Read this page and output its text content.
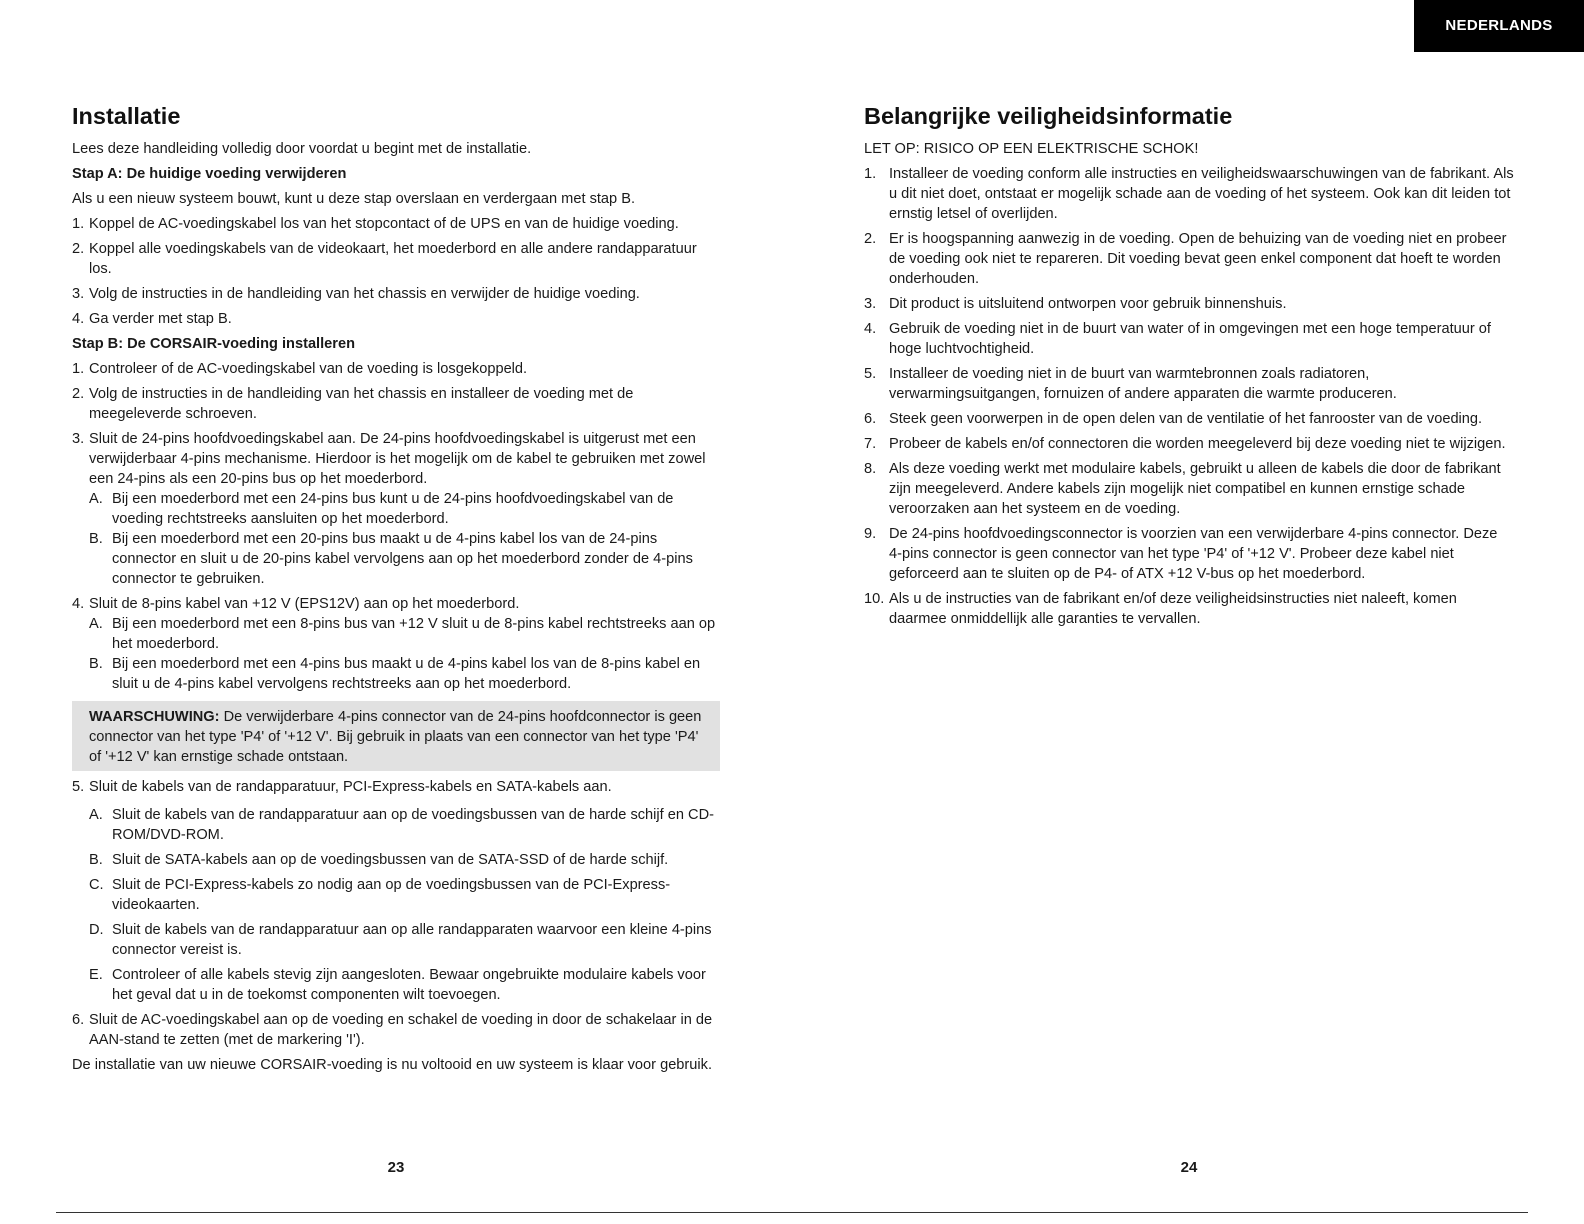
NEDERLANDS
Installatie

Lees deze handleiding volledig door voordat u begint met de installatie.

Stap A: De huidige voeding verwijderen

Als u een nieuw systeem bouwt, kunt u deze stap overslaan en verdergaan met stap B.

1. Koppel de AC-voedingskabel los van het stopcontact of de UPS en van de huidige voeding.
2. Koppel alle voedingskabels van de videokaart, het moederbord en alle andere randapparatuur los.
3. Volg de instructies in de handleiding van het chassis en verwijder de huidige voeding.
4. Ga verder met stap B.
Stap B: De CORSAIR-voeding installeren
1. Controleer of de AC-voedingskabel van de voeding is losgekoppeld.
2. Volg de instructies in de handleiding van het chassis en installeer de voeding met de meegeleverde schroeven.
3. Sluit de 24-pins hoofdvoedingskabel aan. De 24-pins hoofdvoedingskabel is uitgerust met een verwijderbaar 4-pins mechanisme. Hierdoor is het mogelijk om de kabel te gebruiken met zowel een 24-pins als een 20-pins bus op het moederbord.
A. Bij een moederbord met een 24-pins bus kunt u de 24-pins hoofdvoedingskabel van de voeding rechtstreeks aansluiten op het moederbord.
B. Bij een moederbord met een 20-pins bus maakt u de 4-pins kabel los van de 24-pins connector en sluit u de 20-pins kabel vervolgens aan op het moederbord zonder de 4-pins connector te gebruiken.
4. Sluit de 8-pins kabel van +12 V (EPS12V) aan op het moederbord.
A. Bij een moederbord met een 8-pins bus van +12 V sluit u de 8-pins kabel rechtstreeks aan op het moederbord.
B. Bij een moederbord met een 4-pins bus maakt u de 4-pins kabel los van de 8-pins kabel en sluit u de 4-pins kabel vervolgens rechtstreeks aan op het moederbord.
WAARSCHUWING: De verwijderbare 4-pins connector van de 24-pins hoofdconnector is geen connector van het type 'P4' of '+12 V'. Bij gebruik in plaats van een connector van het type 'P4' of '+12 V' kan ernstige schade ontstaan.
5. Sluit de kabels van de randapparatuur, PCI-Express-kabels en SATA-kabels aan.
A. Sluit de kabels van de randapparatuur aan op de voedingsbussen van de harde schijf en CD-ROM/DVD-ROM.
B. Sluit de SATA-kabels aan op de voedingsbussen van de SATA-SSD of de harde schijf.
C. Sluit de PCI-Express-kabels zo nodig aan op de voedingsbussen van de PCI-Express-videokaarten.
D. Sluit de kabels van de randapparatuur aan op alle randapparaten waarvoor een kleine 4-pins connector vereist is.
E. Controleer of alle kabels stevig zijn aangesloten. Bewaar ongebruikte modulaire kabels voor het geval dat u in de toekomst componenten wilt toevoegen.
6. Sluit de AC-voedingskabel aan op de voeding en schakel de voeding in door de schakelaar in de AAN-stand te zetten (met de markering 'I').

De installatie van uw nieuwe CORSAIR-voeding is nu voltooid en uw systeem is klaar voor gebruik.

Belangrijke veiligheidsinformatie

LET OP: RISICO OP EEN ELEKTRISCHE SCHOK!

1. Installeer de voeding conform alle instructies en veiligheidswaarschuwingen van de fabrikant. Als u dit niet doet, ontstaat er mogelijk schade aan de voeding of het systeem. Ook kan dit leiden tot ernstig letsel of overlijden.
2. Er is hoogspanning aanwezig in de voeding. Open de behuizing van de voeding niet en probeer de voeding ook niet te repareren. Dit voeding bevat geen enkel component dat hoeft te worden onderhouden.
3. Dit product is uitsluitend ontworpen voor gebruik binnenshuis.
4. Gebruik de voeding niet in de buurt van water of in omgevingen met een hoge temperatuur of hoge luchtvochtigheid.
5. Installeer de voeding niet in de buurt van warmtebronnen zoals radiatoren, verwarmingsuitgangen, fornuizen of andere apparaten die warmte produceren.
6. Steek geen voorwerpen in de open delen van de ventilatie of het fanrooster van de voeding.
7. Probeer de kabels en/of connectoren die worden meegeleverd bij deze voeding niet te wijzigen.
8. Als deze voeding werkt met modulaire kabels, gebruikt u alleen de kabels die door de fabrikant zijn meegeleverd. Andere kabels zijn mogelijk niet compatibel en kunnen ernstige schade veroorzaken aan het systeem en de voeding.
9. De 24-pins hoofdvoedingsconnector is voorzien van een verwijderbare 4-pins connector. Deze 4-pins connector is geen connector van het type 'P4' of '+12 V'. Probeer deze kabel niet geforceerd aan te sluiten op de P4- of ATX +12 V-bus op het moederbord.
10. Als u de instructies van de fabrikant en/of deze veiligheidsinstructies niet naleeft, komen daarmee onmiddellijk alle garanties te vervallen.
23	24
